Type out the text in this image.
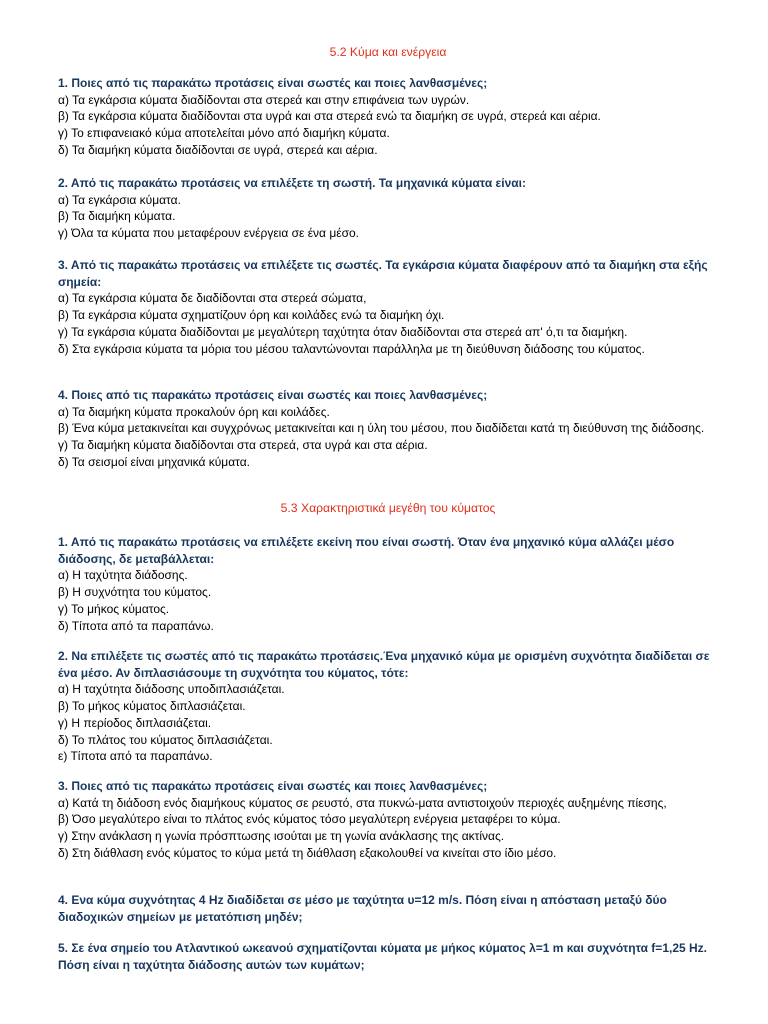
5.2 Κύμα και ενέργεια

1. Ποιες από τις παρακάτω προτάσεις είναι σωστές και ποιες λανθασμένες;
α) Τα εγκάρσια κύματα διαδίδονται στα στερεά και στην επιφάνεια των υγρών.
β) Τα εγκάρσια κύματα διαδίδονται στα υγρά και στα στερεά ενώ τα διαμήκη σε υγρά, στερεά και αέρια.
γ) Το επιφανειακό κύμα αποτελείται μόνο από διαμήκη κύματα.
δ) Τα διαμήκη κύματα διαδίδονται σε υγρά, στερεά και αέρια.
2. Από τις παρακάτω προτάσεις να επιλέξετε τη σωστή. Τα μηχανικά κύματα είναι:
α) Τα εγκάρσια κύματα.
β) Τα διαμήκη κύματα.
γ) Όλα τα κύματα που μεταφέρουν ενέργεια σε ένα μέσο.
3. Από τις παρακάτω προτάσεις να επιλέξετε τις σωστές. Τα εγκάρσια κύματα διαφέρουν από τα διαμήκη στα εξής σημεία:
α) Τα εγκάρσια κύματα δε διαδίδονται στα στερεά σώματα,
β) Τα εγκάρσια κύματα σχηματίζουν όρη και κοιλάδες ενώ τα διαμήκη όχι.
γ) Τα εγκάρσια κύματα διαδίδονται με μεγαλύτερη ταχύτητα όταν διαδίδονται στα στερεά απ' ό,τι τα διαμήκη.
δ) Στα εγκάρσια κύματα τα μόρια του μέσου ταλαντώνονται παράλληλα με τη διεύθυνση διάδοσης του κύματος.
4. Ποιες από τις παρακάτω προτάσεις είναι σωστές και ποιες λανθασμένες;
α) Τα διαμήκη κύματα προκαλούν όρη και κοιλάδες.
β) Ένα κύμα μετακινείται και συγχρόνως μετακινείται και η ύλη του μέσου, που διαδίδεται κατά τη διεύθυνση της διάδοσης.
γ) Τα διαμήκη κύματα διαδίδονται στα στερεά, στα υγρά και στα αέρια.
δ) Τα σεισμοί είναι μηχανικά κύματα.

5.3 Χαρακτηριστικά μεγέθη του κύματος

1. Από τις παρακάτω προτάσεις να επιλέξετε εκείνη που είναι σωστή. Όταν ένα μηχανικό κύμα αλλάζει μέσο διάδοσης, δε μεταβάλλεται:
α) Η ταχύτητα διάδοσης.
β) Η συχνότητα του κύματος.
γ) Το μήκος κύματος.
δ) Τίποτα από τα παραπάνω.
2. Να επιλέξετε τις σωστές από τις παρακάτω προτάσεις.Ένα μηχανικό κύμα με ορισμένη συχνότητα διαδίδεται σε ένα μέσο. Αν διπλασιάσουμε τη συχνότητα του κύματος, τότε:
α) Η ταχύτητα διάδοσης υποδιπλασιάζεται.
β) Το μήκος κύματος διπλασιάζεται.
γ) Η περίοδος διπλασιάζεται.
δ) Το πλάτος του κύματος διπλασιάζεται.
ε) Τίποτα από τα παραπάνω.
3. Ποιες από τις παρακάτω προτάσεις είναι σωστές και ποιες λανθασμένες;
α) Κατά τη διάδοση ενός διαμήκους κύματος σε ρευστό, στα πυκνώ-ματα αντιστοιχούν περιοχές αυξημένης πίεσης,
β) Όσο μεγαλύτερο είναι το πλάτος ενός κύματος τόσο μεγαλύτερη ενέργεια μεταφέρει το κύμα.
γ) Στην ανάκλαση η γωνία πρόσπτωσης ισούται με τη γωνία ανάκλασης της ακτίνας.
δ) Στη διάθλαση ενός κύματος το κύμα μετά τη διάθλαση εξακολουθεί να κινείται στο ίδιο μέσο.
4. Ενα κύμα συχνότητας 4 Hz διαδίδεται σε μέσο με ταχύτητα υ=12 m/s. Πόση είναι η απόσταση μεταξύ δύο διαδοχικών σημείων με μετατόπιση μηδέν;
5. Σε ένα σημείο του Ατλαντικού ωκεανού σχηματίζονται κύματα με μήκος κύματος λ=1 m και συχνότητα f=1,25 Hz. Πόση είναι η ταχύτητα διάδοσης αυτών των κυμάτων;
